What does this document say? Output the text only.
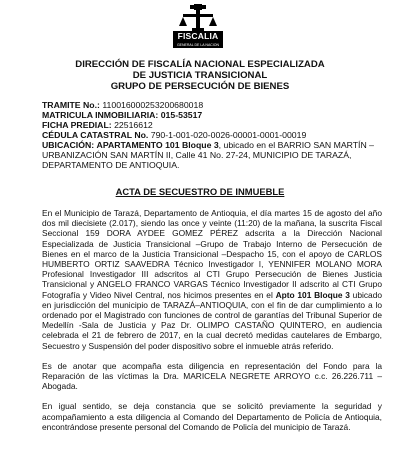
FISCALIA
GENERAL DE LA NACION
DIRECCIÓN DE FISCALÍA NACIONAL ESPECIALIZADA
DE JUSTICIA TRANSICIONAL
GRUPO DE PERSECUCIÓN DE BIENES
TRAMITE No.: 110016000253200680018
MATRICULA INMOBILIARIA: 015-53517
FICHA PREDIAL: 22516612
CÉDULA CATASTRAL No. 790-1-001-020-0026-00001-0001-00019
UBICACIÓN: APARTAMENTO 101 Bloque 3, ubicado en el BARRIO SAN MARTÍN –URBANIZACIÓN SAN MARTÍN II, Calle 41 No. 27-24, MUNICIPIO DE TARAZÁ, DEPARTAMENTO DE ANTIOQUIA.
ACTA DE SECUESTRO DE INMUEBLE

En el Municipio de Tarazá, Departamento de Antioquia, el día martes 15 de agosto del año dos mil diecisiete (2.017), siendo las once y veinte (11:20) de la mañana, la suscrita Fiscal Seccional 159 DORA AYDEE GOMEZ PÉREZ adscrita a la Dirección Nacional Especializada de Justicia Transicional –Grupo de Trabajo Interno de Persecución de Bienes en el marco de la Justicia Transicional –Despacho 15, con el apoyo de CARLOS HUMBERTO ORTIZ SAAVEDRA Técnico Investigador I, YENNIFER MOLANO MORA Profesional Investigador III adscritos al CTI Grupo Persecución de Bienes Justicia Transicional y ANGELO FRANCO VARGAS Técnico Investigador II adscrito al CTI Grupo Fotografía y Video Nivel Central, nos hicimos presentes en el Apto 101 Bloque 3 ubicado en jurisdicción del municipio de TARAZÁ–ANTIOQUIA, con el fin de dar cumplimiento a lo ordenado por el Magistrado con funciones de control de garantías del Tribunal Superior de Medellín -Sala de Justicia y Paz Dr. OLIMPO CASTAÑO QUINTERO, en audiencia celebrada el 21 de febrero de 2017, en la cual decretó medidas cautelares de Embargo, Secuestro y Suspensión del poder dispositivo sobre el inmueble atrás referido.

Es de anotar que acompaña esta diligencia en representación del Fondo para la Reparación de las víctimas la Dra. MARICELA NEGRETE ARROYO c.c. 26.226.711 –Abogada.

En igual sentido, se deja constancia que se solicitó previamente la seguridad y acompañamiento a esta diligencia al Comando del Departamento de Policía de Antioquia, encontrándose presente personal del Comando de Policía del municipio de Tarazá.
